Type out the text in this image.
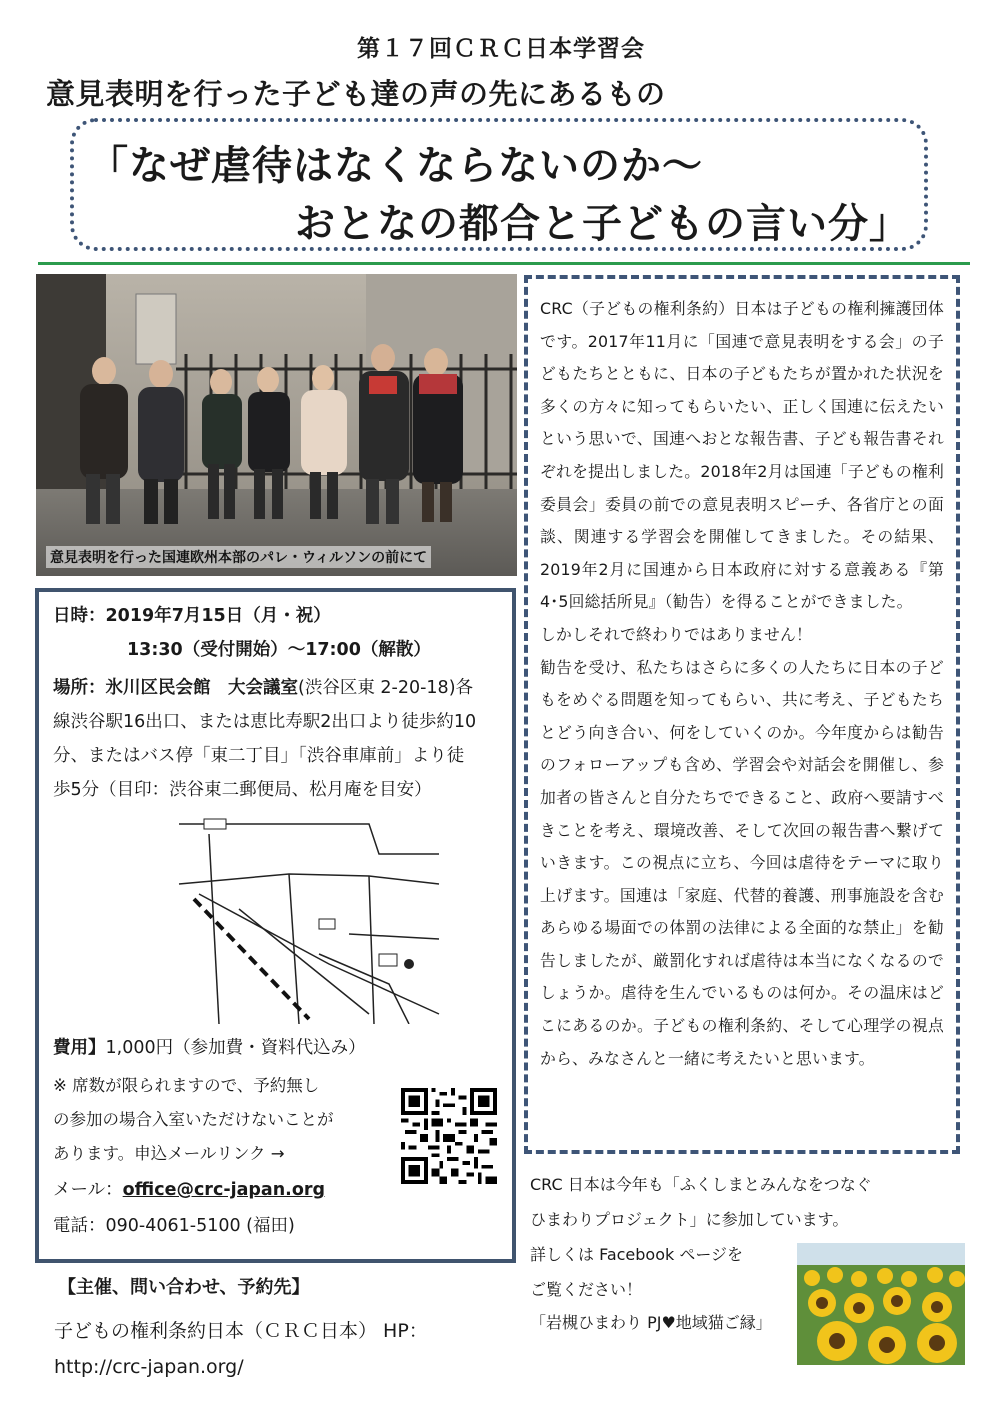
第１７回ＣＲＣ日本学習会
意見表明を行った子ども達の声の先にあるもの
「なぜ虐待はなくならないのか～
おとなの都合と子どもの言い分」
意見表明を行った国連欧州本部のパレ・ウィルソンの前にて
日時：2019年7月15日（月・祝）
13:30（受付開始）～17:00（解散）
場所：氷川区民会館　大会議室(渋谷区東 2-20-18)各
線渋谷駅16出口、または恵比寿駅2出口より徒歩約10
分、またはバス停「東二丁目」「渋谷車庫前」より徒
歩5分（目印：渋谷東二郵便局、松月庵を目安）
費用】1,000円（参加費・資料代込み）
※ 席数が限られますので、予約無し
の参加の場合入室いただけないことが
あります。申込メールリンク →
メール：office@crc-japan.org
電話：090-4061-5100 (福田)

CRC（子どもの権利条約）日本は子どもの権利擁護団体です。2017年11月に「国連で意見表明をする会」の子どもたちとともに、日本の子どもたちが置かれた状況を多くの方々に知ってもらいたい、正しく国連に伝えたいという思いで、国連へおとな報告書、子ども報告書それぞれを提出しました。2018年2月は国連「子どもの権利委員会」委員の前での意見表明スピーチ、各省庁との面談、関連する学習会を開催してきました。その結果、2019年2月に国連から日本政府に対する意義ある『第4･5回総括所見』（勧告）を得ることができました。

しかしそれで終わりではありません！

勧告を受け、私たちはさらに多くの人たちに日本の子どもをめぐる問題を知ってもらい、共に考え、子どもたちとどう向き合い、何をしていくのか。今年度からは勧告のフォローアップも含め、学習会や対話会を開催し、参加者の皆さんと自分たちでできること、政府へ要請すべきことを考え、環境改善、そして次回の報告書へ繋げていきます。この視点に立ち、今回は虐待をテーマに取り上げます。国連は「家庭、代替的養護、刑事施設を含むあらゆる場面での体罰の法律による全面的な禁止」を勧告しましたが、厳罰化すれば虐待は本当になくなるのでしょうか。虐待を生んでいるものは何か。その温床はどこにあるのか。子どもの権利条約、そして心理学の視点から、みなさんと一緒に考えたいと思います。

CRC 日本は今年も「ふくしまとみんなをつなぐ
ひまわりプロジェクト」に参加しています。
詳しくは Facebook ページを
ご覧ください！
「岩槻ひまわり PJ♥地域猫ご縁」
【主催、問い合わせ、予約先】
子どもの権利条約日本（ＣＲＣ日本） HP：
http://crc-japan.org/
